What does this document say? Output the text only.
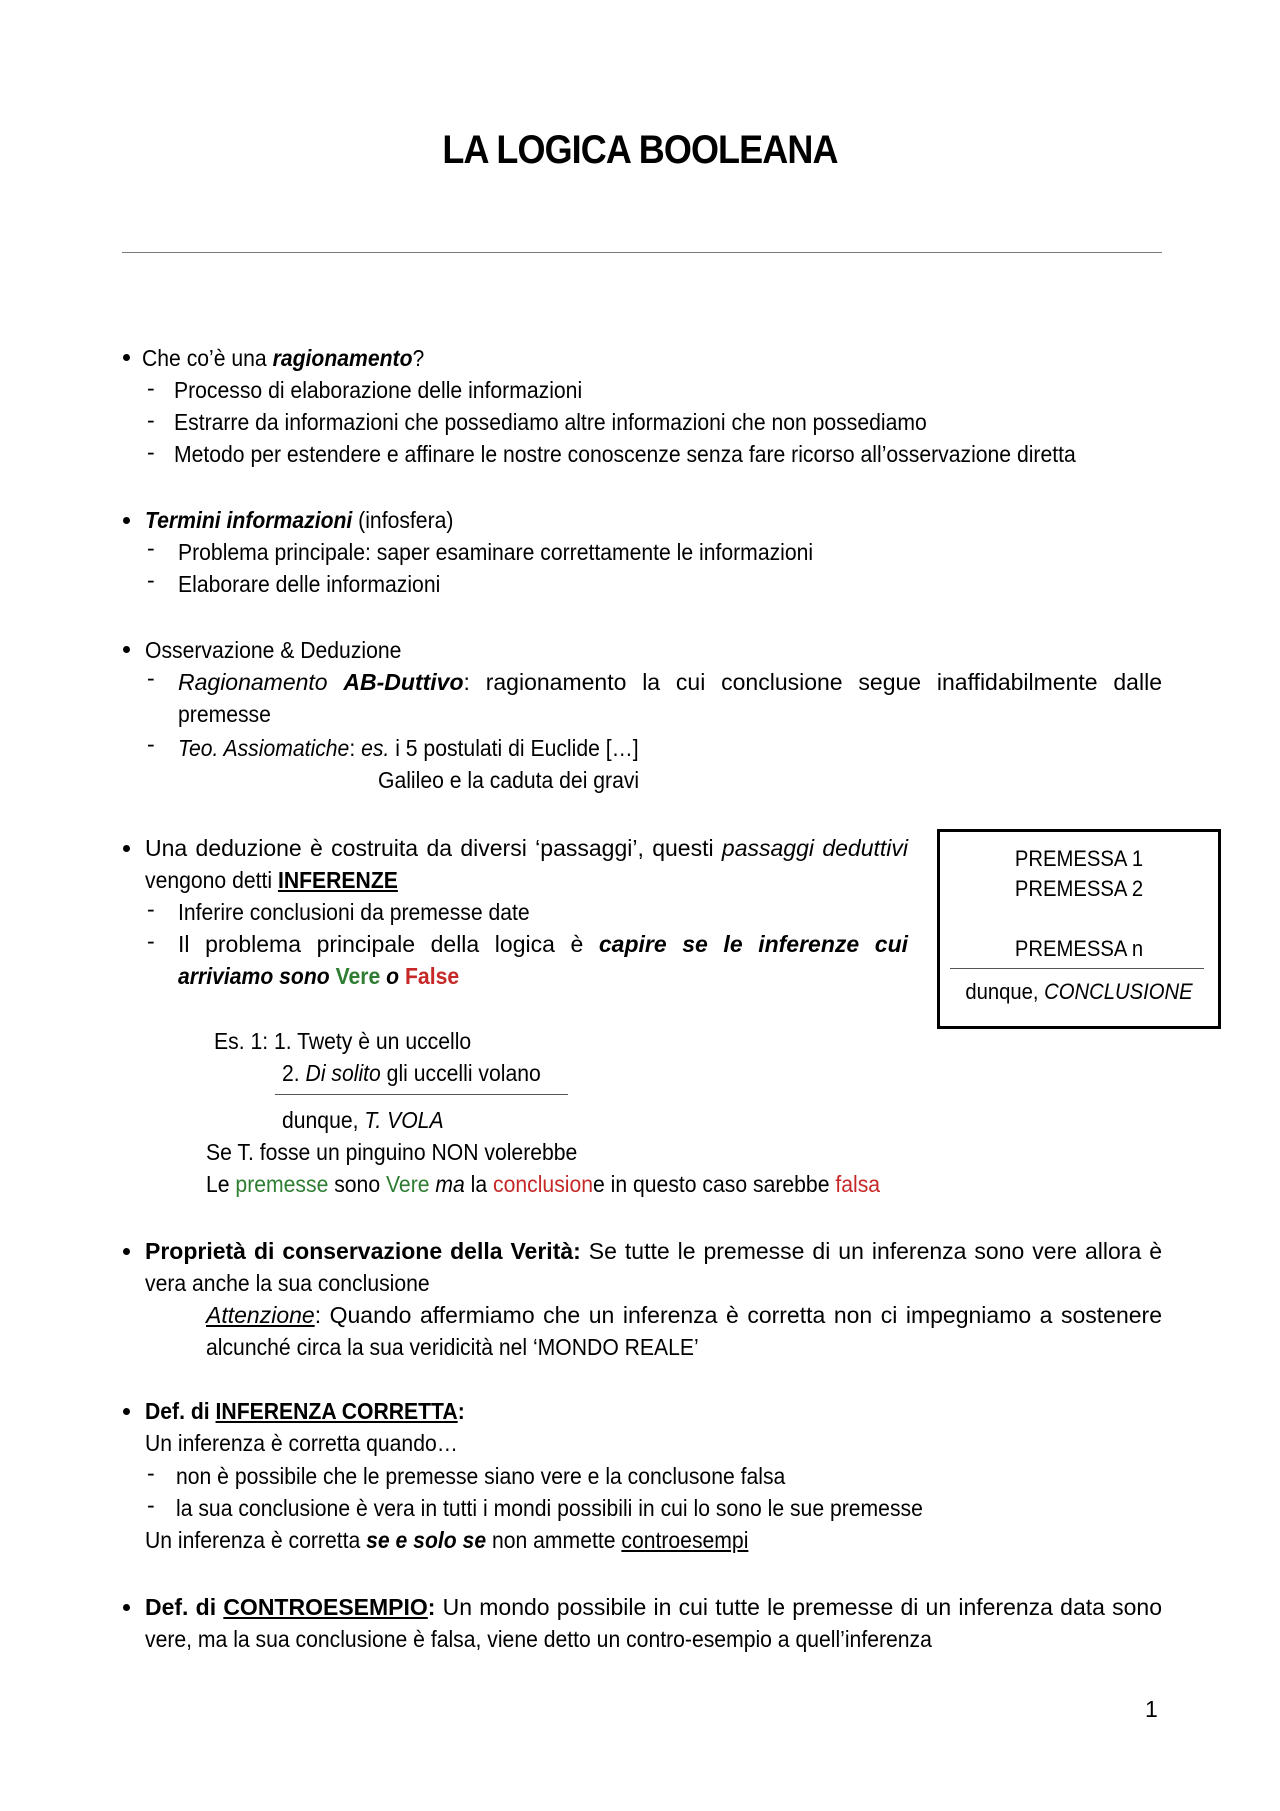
LA LOGICA BOOLEANA
Che co’è una ragionamento?
- Processo di elaborazione delle informazioni
- Estrarre da informazioni che possediamo altre informazioni che non possediamo
- Metodo per estendere e affinare le nostre conoscenze senza fare ricorso all’osservazione diretta
Termini informazioni (infosfera)
- Problema principale: saper esaminare correttamente le informazioni
- Elaborare delle informazioni
Osservazione & Deduzione
- Ragionamento AB-Duttivo: ragionamento la cui conclusione segue inaffidabilmente dalle
premesse
- Teo. Assiomatiche: es. i 5 postulati di Euclide […]
Galileo e la caduta dei gravi
Una deduzione è costruita da diversi ‘passaggi’, questi passaggi deduttivi
vengono detti INFERENZE
- Inferire conclusioni da premesse date
- Il problema principale della logica è capire se le inferenze cui
arriviamo sono Vere o False
PREMESSA 1
PREMESSA 2
PREMESSA n
dunque, CONCLUSIONE
Es. 1: 1. Twety è un uccello
2. Di solito gli uccelli volano
dunque, T. VOLA
Se T. fosse un pinguino NON volerebbe
Le premesse sono Vere ma la conclusione in questo caso sarebbe falsa
Proprietà di conservazione della Verità: Se tutte le premesse di un inferenza sono vere allora è
vera anche la sua conclusione
Attenzione: Quando affermiamo che un inferenza è corretta non ci impegniamo a sostenere
alcunché circa la sua veridicità nel ‘MONDO REALE’
Def. di INFERENZA CORRETTA:
Un inferenza è corretta quando…
- non è possibile che le premesse siano vere e la conclusone falsa
- la sua conclusione è vera in tutti i mondi possibili in cui lo sono le sue premesse
Un inferenza è corretta se e solo se non ammette controesempi
Def. di CONTROESEMPIO: Un mondo possibile in cui tutte le premesse di un inferenza data sono
vere, ma la sua conclusione è falsa, viene detto un contro-esempio a quell’inferenza
1
